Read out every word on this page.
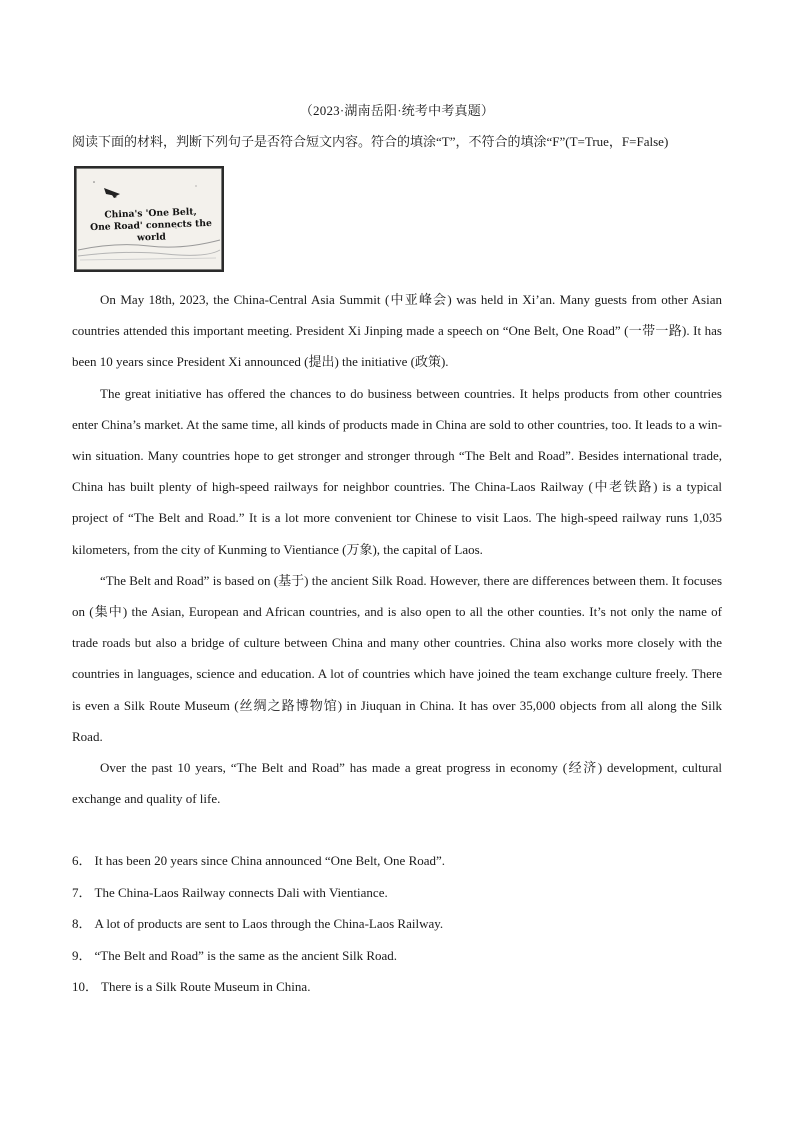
（2023·湖南岳阳·统考中考真题）
阅读下面的材料，判断下列句子是否符合短文内容。符合的填涂“T”，不符合的填涂“F”(T=True，F=False)
China's 'One Belt,
One Road' connects the world

On May 18th, 2023, the China-Central Asia Summit (中亚峰会) was held in Xi’an. Many guests from other Asian countries attended this important meeting. President Xi Jinping made a speech on “One Belt, One Road” (一带一路). It has been 10 years since President Xi announced (提出) the initiative (政策).

The great initiative has offered the chances to do business between countries. It helps products from other countries enter China’s market. At the same time, all kinds of products made in China are sold to other countries, too. It leads to a win-win situation. Many countries hope to get stronger and stronger through “The Belt and Road”. Besides international trade, China has built plenty of high-speed railways for neighbor countries. The China-Laos Railway (中老铁路) is a typical project of “The Belt and Road.” It is a lot more convenient tor Chinese to visit Laos. The high-speed railway runs 1,035 kilometers, from the city of Kunming to Vientiance (万象), the capital of Laos.

“The Belt and Road” is based on (基于) the ancient Silk Road. However, there are differences between them. It focuses on (集中) the Asian, European and African countries, and is also open to all the other counties. It’s not only the name of trade roads but also a bridge of culture between China and many other countries. China also works more closely with the countries in languages, science and education. A lot of countries which have joined the team exchange culture freely. There is even a Silk Route Museum (丝绸之路博物馆) in Jiuquan in China. It has over 35,000 objects from all along the Silk Road.

Over the past 10 years, “The Belt and Road” has made a great progress in economy (经济) development, cultural exchange and quality of life.

6． It has been 20 years since China announced “One Belt, One Road”.
7． The China-Laos Railway connects Dali with Vientiance.
8． A lot of products are sent to Laos through the China-Laos Railway.
9． “The Belt and Road” is the same as the ancient Silk Road.
10． There is a Silk Route Museum in China.
